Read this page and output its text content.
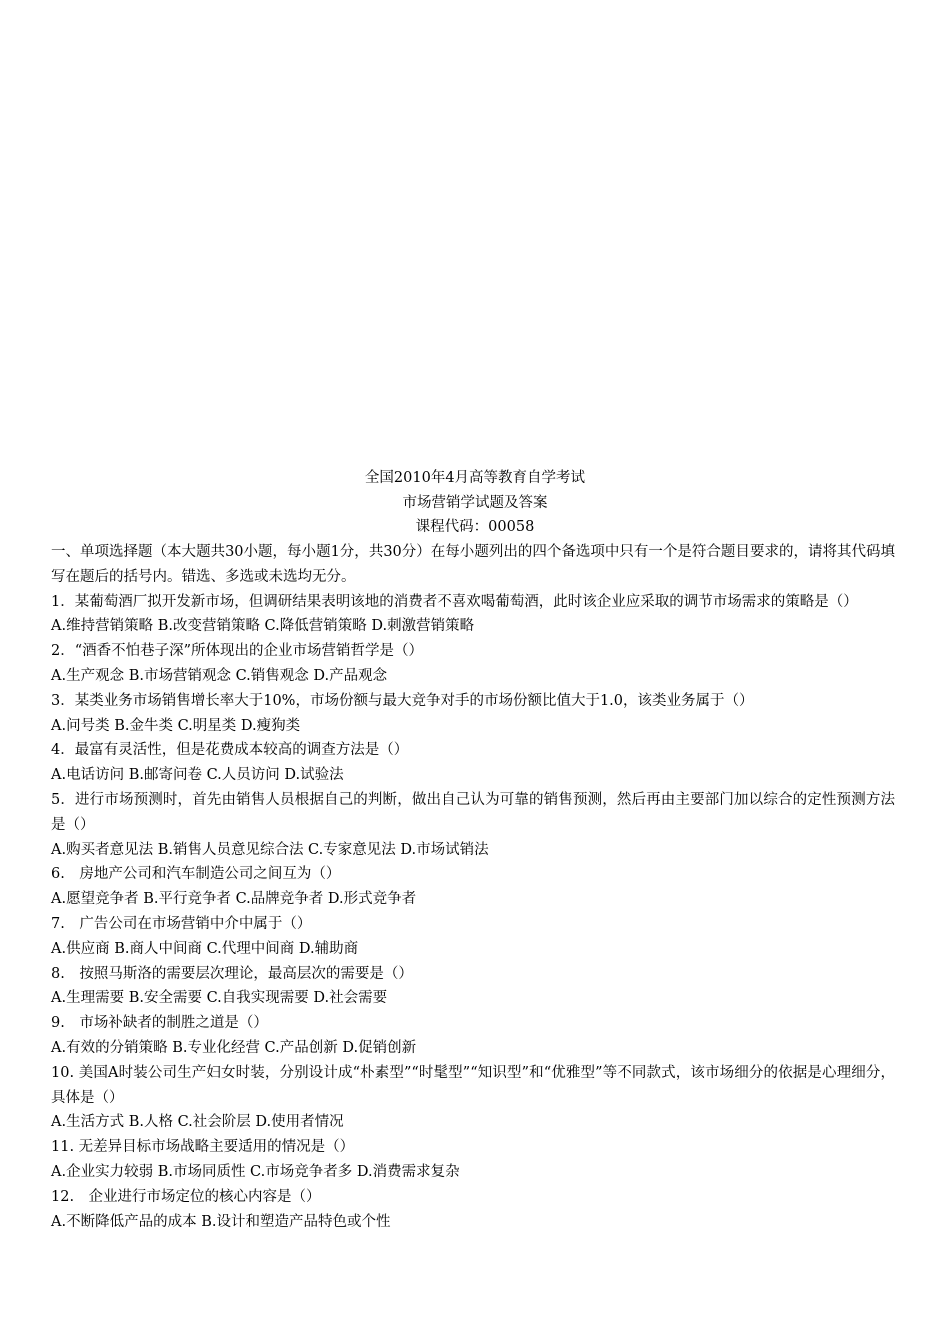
全国2010年4月高等教育自学考试
市场营销学试题及答案
课程代码：00058
一、单项选择题（本大题共30小题，每小题1分，共30分）在每小题列出的四个备选项中只有一个是符合题目要求的，请将其代码填写在题后的括号内。错选、多选或未选均无分。
1．某葡萄酒厂拟开发新市场，但调研结果表明该地的消费者不喜欢喝葡萄酒，此时该企业应采取的调节市场需求的策略是（）
A.维持营销策略 B.改变营销策略 C.降低营销策略 D.刺激营销策略
2．“酒香不怕巷子深”所体现出的企业市场营销哲学是（）
A.生产观念 B.市场营销观念 C.销售观念 D.产品观念
3．某类业务市场销售增长率大于10%，市场份额与最大竞争对手的市场份额比值大于1.0，该类业务属于（）
A.问号类 B.金牛类 C.明星类 D.瘦狗类
4．最富有灵活性，但是花费成本较高的调查方法是（）
A.电话访问 B.邮寄问卷 C.人员访问 D.试验法
5．进行市场预测时，首先由销售人员根据自己的判断，做出自己认为可靠的销售预测，然后再由主要部门加以综合的定性预测方法是（）
A.购买者意见法 B.销售人员意见综合法 C.专家意见法 D.市场试销法
6.　房地产公司和汽车制造公司之间互为（）
A.愿望竞争者 B.平行竞争者 C.品牌竞争者 D.形式竞争者
7.　广告公司在市场营销中介中属于（）
A.供应商 B.商人中间商 C.代理中间商 D.辅助商
8.　按照马斯洛的需要层次理论，最高层次的需要是（）
A.生理需要 B.安全需要 C.自我实现需要 D.社会需要
9.　市场补缺者的制胜之道是（）
A.有效的分销策略 B.专业化经营 C.产品创新 D.促销创新
10. 美国A时装公司生产妇女时装，分别设计成“朴素型”“时髦型”“知识型”和“优雅型”等不同款式，该市场细分的依据是心理细分，具体是（）
A.生活方式 B.人格 C.社会阶层 D.使用者情况
11. 无差异目标市场战略主要适用的情况是（）
A.企业实力较弱 B.市场同质性 C.市场竞争者多 D.消费需求复杂
12.　企业进行市场定位的核心内容是（）
A.不断降低产品的成本 B.设计和塑造产品特色或个性
